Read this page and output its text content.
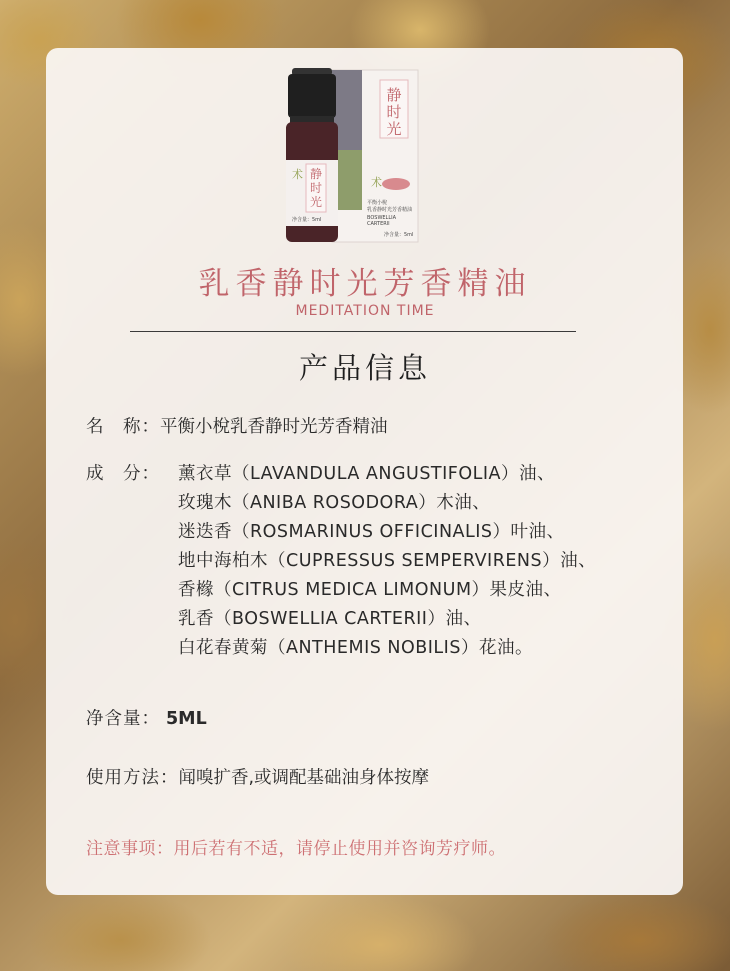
静
时
光
术
平衡小梲
乳香静时光芳香精油
BOSWELLIA
CARTERII
净含量：5ml
静
时
光
术
净含量：5ml
乳香静时光芳香精油
MEDITATION TIME
产品信息
名　称：平衡小梲乳香静时光芳香精油
成　分： 薰衣草（LAVANDULA ANGUSTIFOLIA）油、
玫瑰木（ANIBA ROSODORA）木油、
迷迭香（ROSMARINUS OFFICINALIS）叶油、
地中海柏木（CUPRESSUS SEMPERVIRENS）油、
香橼（CITRUS MEDICA LIMONUM）果皮油、
乳香（BOSWELLIA CARTERII）油、
白花春黄菊（ANTHEMIS NOBILIS）花油。
净含量： 5ML
使用方法：闻嗅扩香,或调配基础油身体按摩
注意事项：用后若有不适，请停止使用并咨询芳疗师。
